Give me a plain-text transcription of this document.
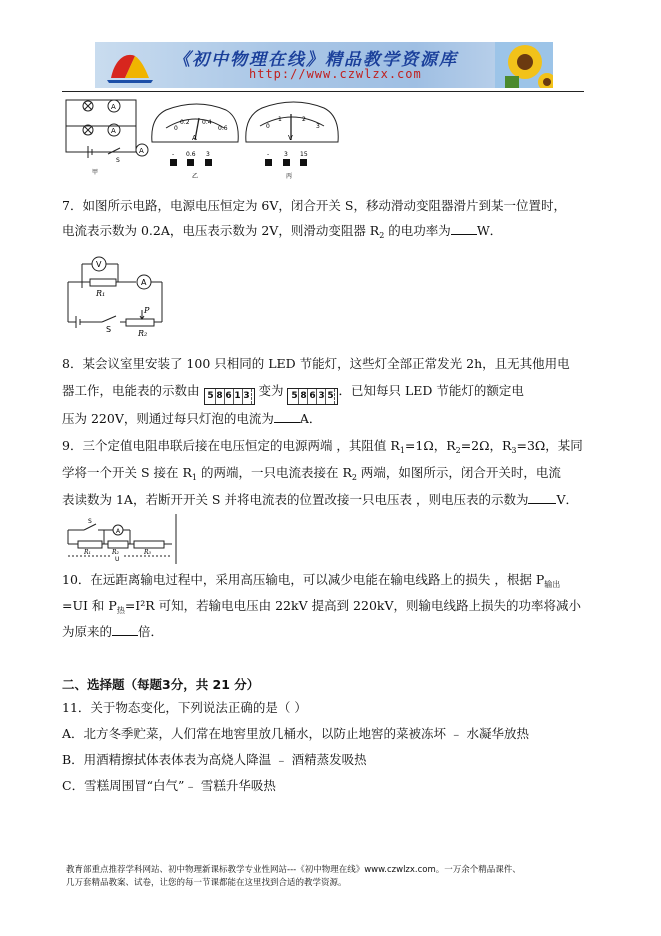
《初中物理在线》精品教学资源库
http://www.czwlzx.com
A
A
A
S
甲
0
0.2 0.4
0.6
A
- 0.6 3
乙
0
1	2
3
V
- 3 15
丙
7．如图所示电路，电源电压恒定为 6V，闭合开关 S，移动滑动变阻器滑片到某一位置时，
电流表示数为 0.2A，电压表示数为 2V，则滑动变阻器 $R_2$ 的电功率为 W．
V
A
R₁
S
P
R₂
8．某会议室里安装了 100 只相同的 LED 节能灯，这些灯全部正常发光 2h，且无其他用电
器工作，电能表的示数由 5 8 6 1 3 变为 5 8 6 3 5 ．已知每只 LED 节能灯的额定电
压为 220V，则通过每只灯泡的电流为 A．
9．三个定值电阻串联后接在电压恒定的电源两端 ，其阻值 $R_1=1\Omega$，$R_2=2\Omega$，$R_3=3\Omega$，某同
学将一个开关 S 接在 $R_1$ 的两端，一只电流表接在 $R_2$ 两端，如图所示，闭合开关时，电流
表读数为 1A，若断开开关 S 并将电流表的位置改接一只电压表 ，则电压表的示数为 V．
S
A
R₁	R₂	R₃
U
10．在远距离输电过程中，采用高压输电，可以减少电能在输电线路上的损失 ，根据 $P_{输出}$
=UI 和 $P_热=I^2R$ 可知，若输电电压由 22kV 提高到 220kV，则输电线路上损失的功率将减小
为原来的 倍．
二、选择题（每题3分，共 21 分）
11．关于物态变化，下列说法正确的是（ ）
A．北方冬季贮菜，人们常在地窖里放几桶水，以防止地窖的菜被冻坏 ﹣ 水凝华放热
B．用酒精擦拭体表体表为高烧人降温 ﹣ 酒精蒸发吸热
C．雪糕周围冒“白气”﹣ 雪糕升华吸热
教育部重点推荐学科网站、初中物理新课标教学专业性网站---《初中物理在线》www.czwlzx.com。一万余个精品课件、
几万套精品教案、试卷，让您的每一节课都能在这里找到合适的教学资源。
